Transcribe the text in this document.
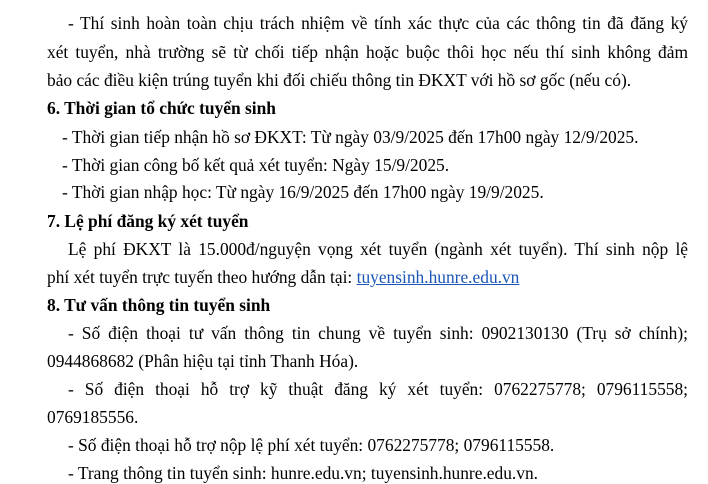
- Thí sinh hoàn toàn chịu trách nhiệm về tính xác thực của các thông tin đã đăng ký
xét tuyển, nhà trường sẽ từ chối tiếp nhận hoặc buộc thôi học nếu thí sinh không đảm
bảo các điều kiện trúng tuyển khi đối chiếu thông tin ĐKXT với hồ sơ gốc (nếu có).
6. Thời gian tổ chức tuyển sinh
- Thời gian tiếp nhận hồ sơ ĐKXT: Từ ngày 03/9/2025 đến 17h00 ngày 12/9/2025.
- Thời gian công bố kết quả xét tuyển: Ngày 15/9/2025.
- Thời gian nhập học: Từ ngày 16/9/2025 đến 17h00 ngày 19/9/2025.
7. Lệ phí đăng ký xét tuyển
Lệ phí ĐKXT là 15.000đ/nguyện vọng xét tuyển (ngành xét tuyển). Thí sinh nộp lệ
phí xét tuyển trực tuyến theo hướng dẫn tại: tuyensinh.hunre.edu.vn
8. Tư vấn thông tin tuyển sinh
- Số điện thoại tư vấn thông tin chung về tuyển sinh: 0902130130 (Trụ sở chính);
0944868682 (Phân hiệu tại tỉnh Thanh Hóa).
- Số điện thoại hỗ trợ kỹ thuật đăng ký xét tuyển: 0762275778; 0796115558;
0769185556.
- Số điện thoại hỗ trợ nộp lệ phí xét tuyển: 0762275778; 0796115558.
- Trang thông tin tuyển sinh: hunre.edu.vn; tuyensinh.hunre.edu.vn.
